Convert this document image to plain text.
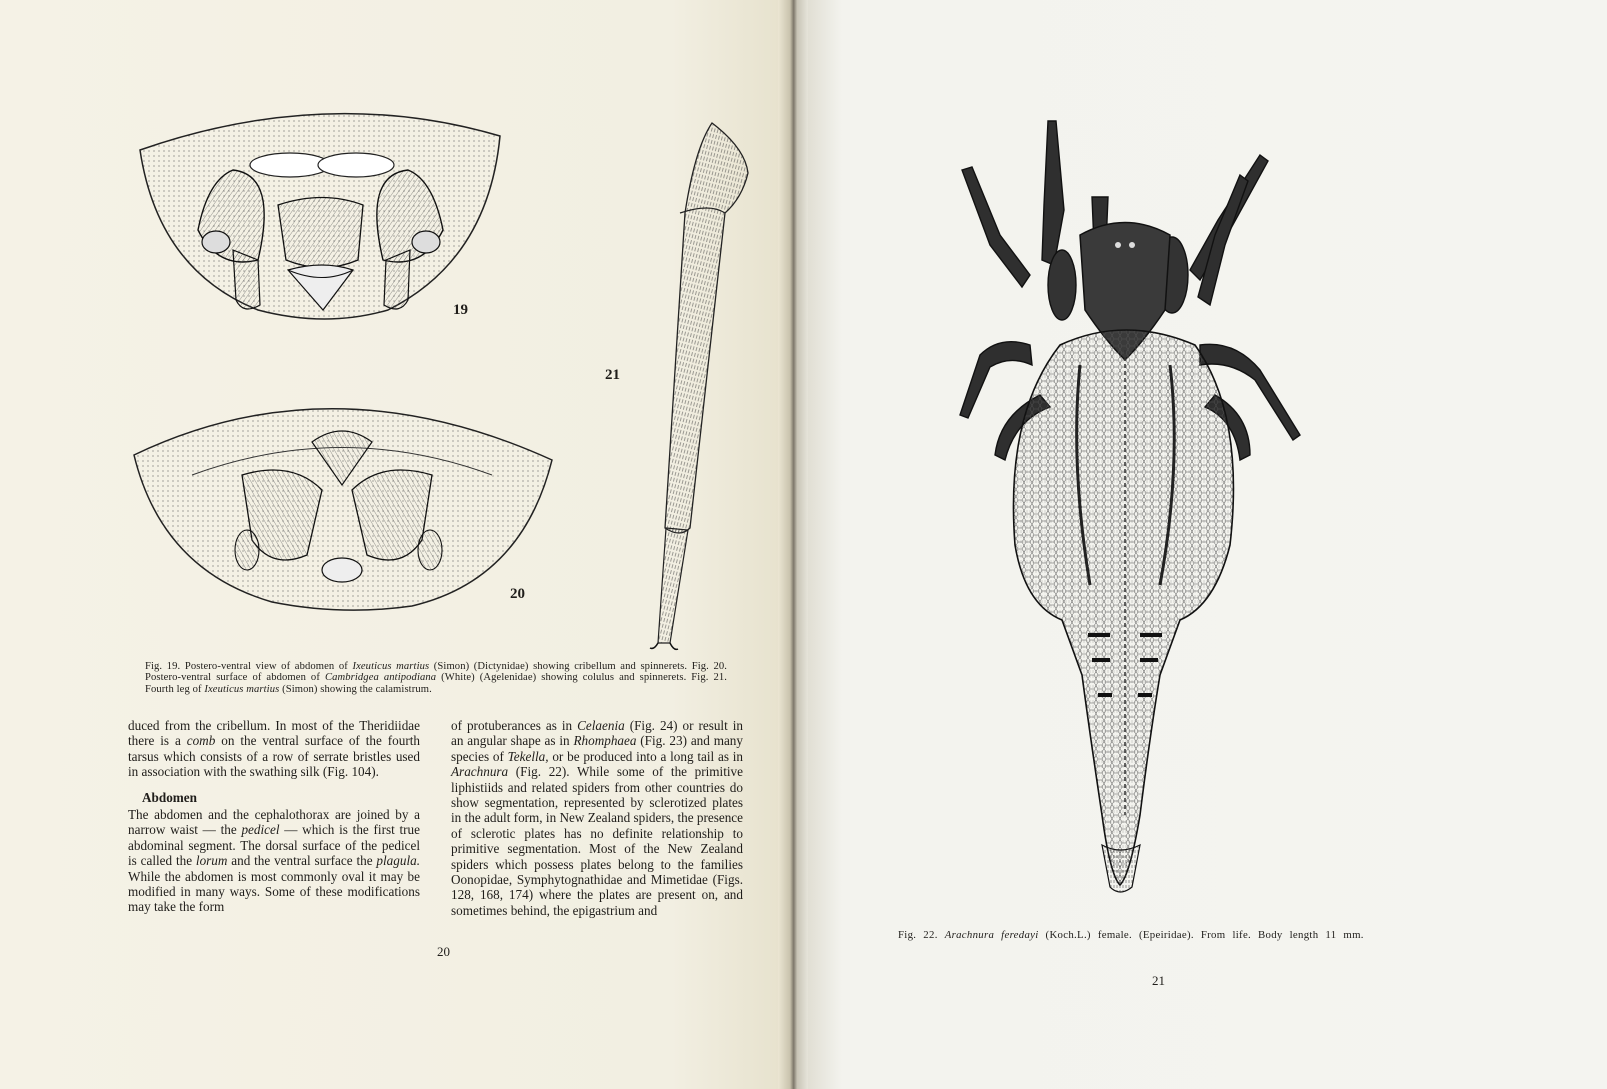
19
21
20
Fig. 19. Postero-ventral view of abdomen of Ixeuticus martius (Simon) (Dictynidae) showing cribellum and spinnerets. Fig. 20. Postero-ventral surface of abdomen of Cambridgea antipodiana (White) (Agelenidae) showing colulus and spinnerets. Fig. 21. Fourth leg of Ixeuticus martius (Simon) showing the calamistrum.

duced from the cribellum. In most of the Theridiidae there is a comb on the ventral surface of the fourth tarsus which consists of a row of serrate bristles used in association with the swathing silk (Fig. 104).

Abdomen

The abdomen and the cephalothorax are joined by a narrow waist — the pedicel — which is the first true abdominal segment. The dorsal surface of the pedicel is called the lorum and the ventral surface the plagula. While the abdomen is most commonly oval it may be modified in many ways. Some of these modifications may take the form

of protuberances as in Celaenia (Fig. 24) or result in an angular shape as in Rhomphaea (Fig. 23) and many species of Tekella, or be produced into a long tail as in Arachnura (Fig. 22). While some of the primitive liphistiids and related spiders from other countries do show segmentation, represented by sclerotized plates in the adult form, in New Zealand spiders, the presence of sclerotic plates has no definite relationship to primitive segmentation. Most of the New Zealand spiders which possess plates belong to the families Oonopidae, Symphytognathidae and Mimetidae (Figs. 128, 168, 174) where the plates are present on, and sometimes behind, the epigastrium and

20
Fig. 22. Arachnura feredayi (Koch.L.) female. (Epeiridae). From life. Body length 11 mm.
21
